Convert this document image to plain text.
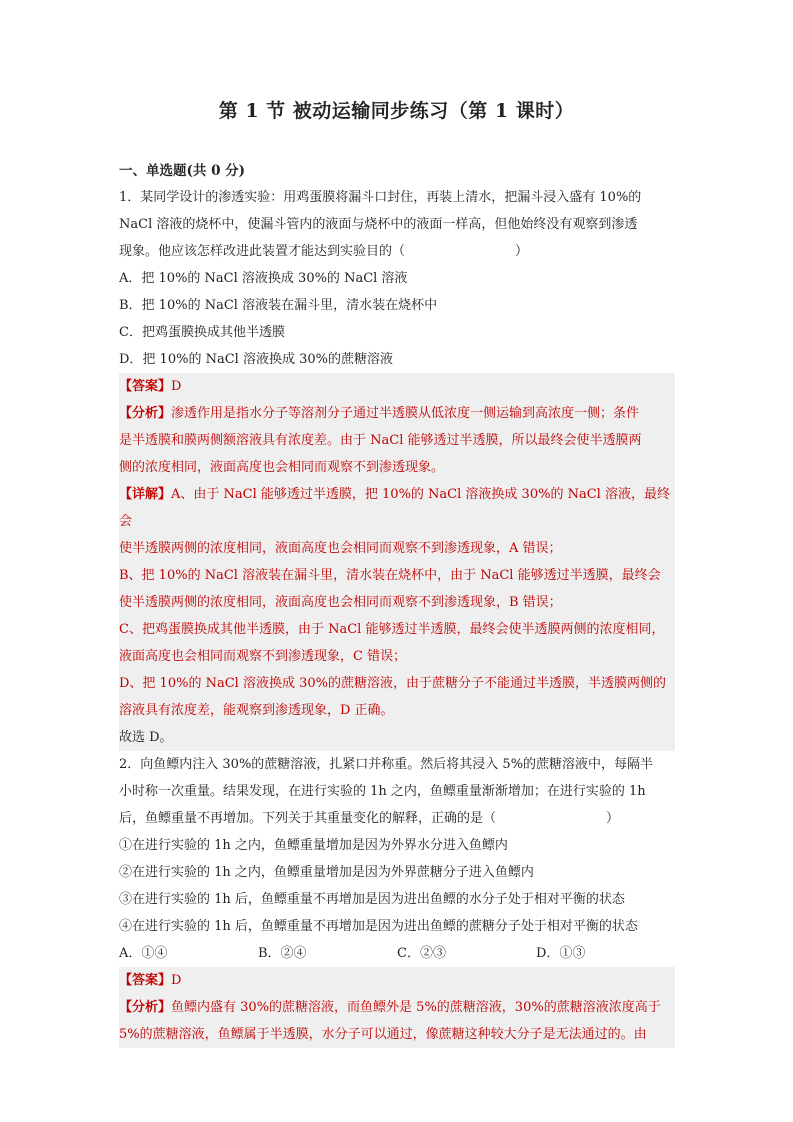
第 1 节 被动运输同步练习（第 1 课时）
一、单选题(共 0 分)
1．某同学设计的渗透实验：用鸡蛋膜将漏斗口封住，再装上清水，把漏斗浸入盛有 10%的
NaCl 溶液的烧杯中，使漏斗管内的液面与烧杯中的液面一样高，但他始终没有观察到渗透
现象。他应该怎样改进此装置才能达到实验目的（	）
A．把 10%的 NaCl 溶液换成 30%的 NaCl 溶液
B．把 10%的 NaCl 溶液装在漏斗里，清水装在烧杯中
C．把鸡蛋膜换成其他半透膜
D．把 10%的 NaCl 溶液换成 30%的蔗糖溶液
【答案】D
【分析】渗透作用是指水分子等溶剂分子通过半透膜从低浓度一侧运输到高浓度一侧；条件
是半透膜和膜两侧额溶液具有浓度差。由于 NaCl 能够透过半透膜，所以最终会使半透膜两
侧的浓度相同，液面高度也会相同而观察不到渗透现象。
【详解】A、由于 NaCl 能够透过半透膜，把 10%的 NaCl 溶液换成 30%的 NaCl 溶液，最终会
使半透膜两侧的浓度相同，液面高度也会相同而观察不到渗透现象，A 错误；
B、把 10%的 NaCl 溶液装在漏斗里，清水装在烧杯中，由于 NaCl 能够透过半透膜，最终会
使半透膜两侧的浓度相同，液面高度也会相同而观察不到渗透现象，B 错误；
C、把鸡蛋膜换成其他半透膜，由于 NaCl 能够透过半透膜，最终会使半透膜两侧的浓度相同，
液面高度也会相同而观察不到渗透现象，C 错误；
D、把 10%的 NaCl 溶液换成 30%的蔗糖溶液，由于蔗糖分子不能通过半透膜，半透膜两侧的
溶液具有浓度差，能观察到渗透现象，D 正确。
故选 D。
2．向鱼鳔内注入 30%的蔗糖溶液，扎紧口并称重。然后将其浸入 5%的蔗糖溶液中，每隔半
小时称一次重量。结果发现，在进行实验的 1h 之内，鱼鳔重量渐渐增加；在进行实验的 1h
后，鱼鳔重量不再增加。下列关于其重量变化的解释，正确的是（	）
①在进行实验的 1h 之内，鱼鳔重量增加是因为外界水分进入鱼鳔内
②在进行实验的 1h 之内，鱼鳔重量增加是因为外界蔗糖分子进入鱼鳔内
③在进行实验的 1h 后，鱼鳔重量不再增加是因为进出鱼鳔的水分子处于相对平衡的状态
④在进行实验的 1h 后，鱼鳔重量不再增加是因为进出鱼鳔的蔗糖分子处于相对平衡的状态
A．①④	B．②④	C．②③	D．①③
【答案】D
【分析】鱼鳔内盛有 30%的蔗糖溶液，而鱼鳔外是 5%的蔗糖溶液，30%的蔗糖溶液浓度高于
5%的蔗糖溶液，鱼鳔属于半透膜，水分子可以通过，像蔗糖这种较大分子是无法通过的。由
